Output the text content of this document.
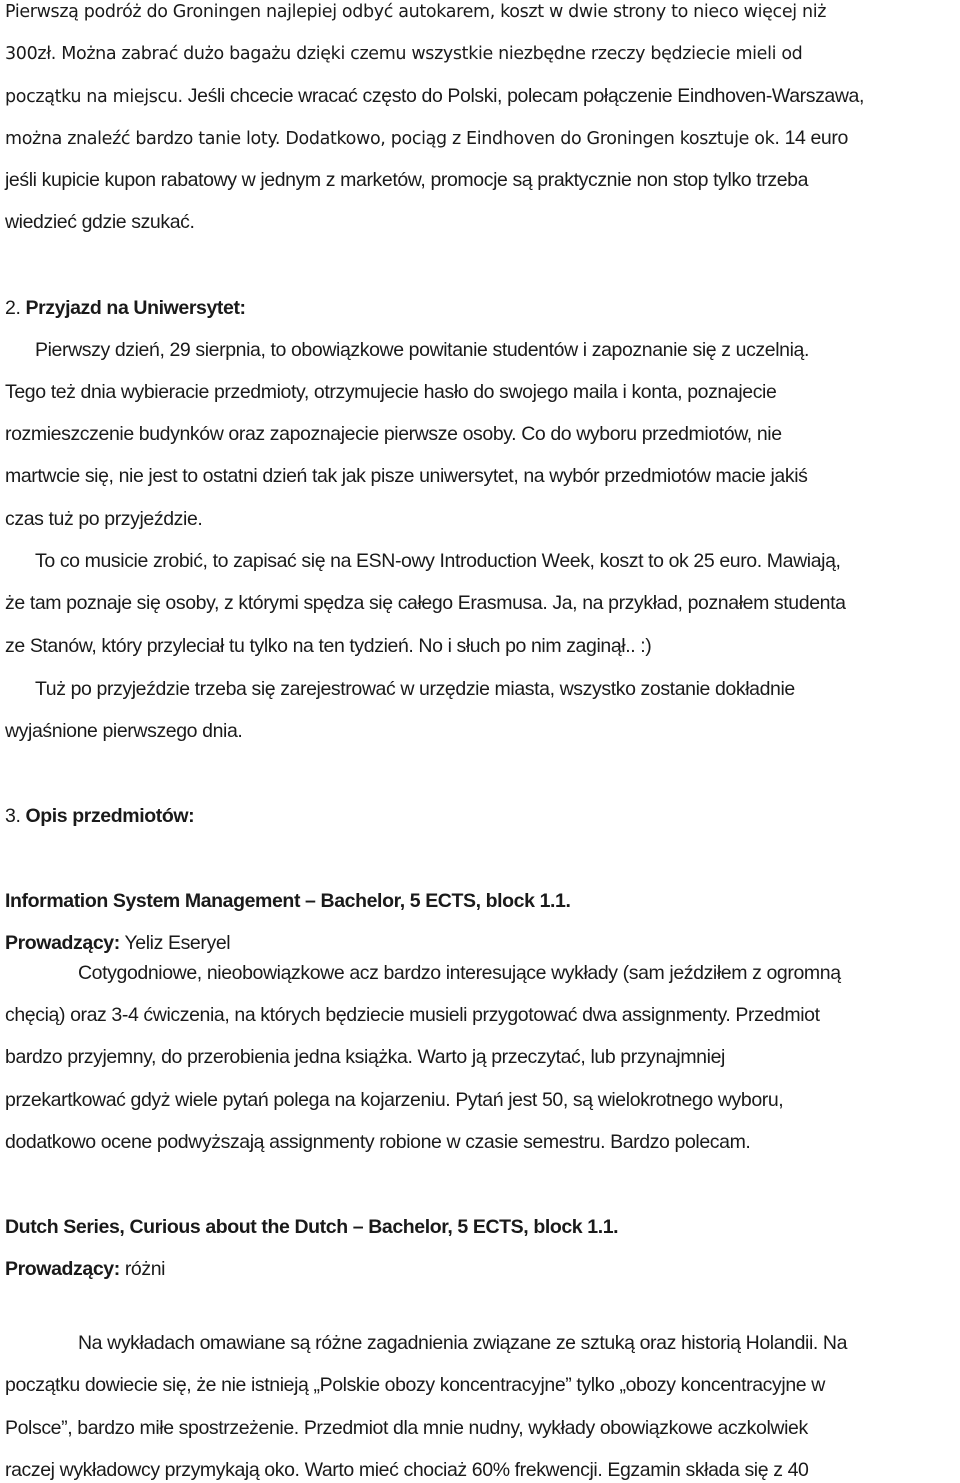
Pierwszą podróż do Groningen najlepiej odbyć autokarem, koszt w dwie strony to nieco więcej niż
300zł. Można zabrać dużo bagażu dzięki czemu wszystkie niezbędne rzeczy będziecie mieli od
początku na miejscu. Jeśli chcecie wracać często do Polski, polecam połączenie Eindhoven-Warszawa,
można znaleźć bardzo tanie loty. Dodatkowo, pociąg z Eindhoven do Groningen kosztuje ok. 14 euro
jeśli kupicie kupon rabatowy w jednym z marketów, promocje są praktycznie non stop tylko trzeba
wiedzieć gdzie szukać.
2. Przyjazd na Uniwersytet:
Pierwszy dzień, 29 sierpnia, to obowiązkowe powitanie studentów i zapoznanie się z uczelnią.
Tego też dnia wybieracie przedmioty, otrzymujecie hasło do swojego maila i konta, poznajecie
rozmieszczenie budynków oraz zapoznajecie pierwsze osoby. Co do wyboru przedmiotów, nie
martwcie się, nie jest to ostatni dzień tak jak pisze uniwersytet, na wybór przedmiotów macie jakiś
czas tuż po przyjeździe.
To co musicie zrobić, to zapisać się na ESN-owy Introduction Week, koszt to ok 25 euro. Mawiają,
że tam poznaje się osoby, z którymi spędza się całego Erasmusa. Ja, na przykład, poznałem studenta
ze Stanów, który przyleciał tu tylko na ten tydzień. No i słuch po nim zaginął.. :)
Tuż po przyjeździe trzeba się zarejestrować w urzędzie miasta, wszystko zostanie dokładnie
wyjaśnione pierwszego dnia.
3. Opis przedmiotów:
Information System Management – Bachelor, 5 ECTS, block 1.1.
Prowadzący: Yeliz Eseryel
Cotygodniowe, nieobowiązkowe acz bardzo interesujące wykłady (sam jeździłem z ogromną
chęcią) oraz 3-4 ćwiczenia, na których będziecie musieli przygotować dwa assignmenty. Przedmiot
bardzo przyjemny, do przerobienia jedna książka. Warto ją przeczytać, lub przynajmniej
przekartkować gdyż wiele pytań polega na kojarzeniu. Pytań jest 50, są wielokrotnego wyboru,
dodatkowo ocene podwyższają assignmenty robione w czasie semestru. Bardzo polecam.
Dutch Series, Curious about the Dutch – Bachelor, 5 ECTS, block 1.1.
Prowadzący: różni
Na wykładach omawiane są różne zagadnienia związane ze sztuką oraz historią Holandii. Na
początku dowiecie się, że nie istnieją „Polskie obozy koncentracyjne” tylko „obozy koncentracyjne w
Polsce”, bardzo miłe spostrzeżenie. Przedmiot dla mnie nudny, wykłady obowiązkowe aczkolwiek
raczej wykładowcy przymykają oko. Warto mieć chociaż 60% frekwencji. Egzamin składa się z 40
